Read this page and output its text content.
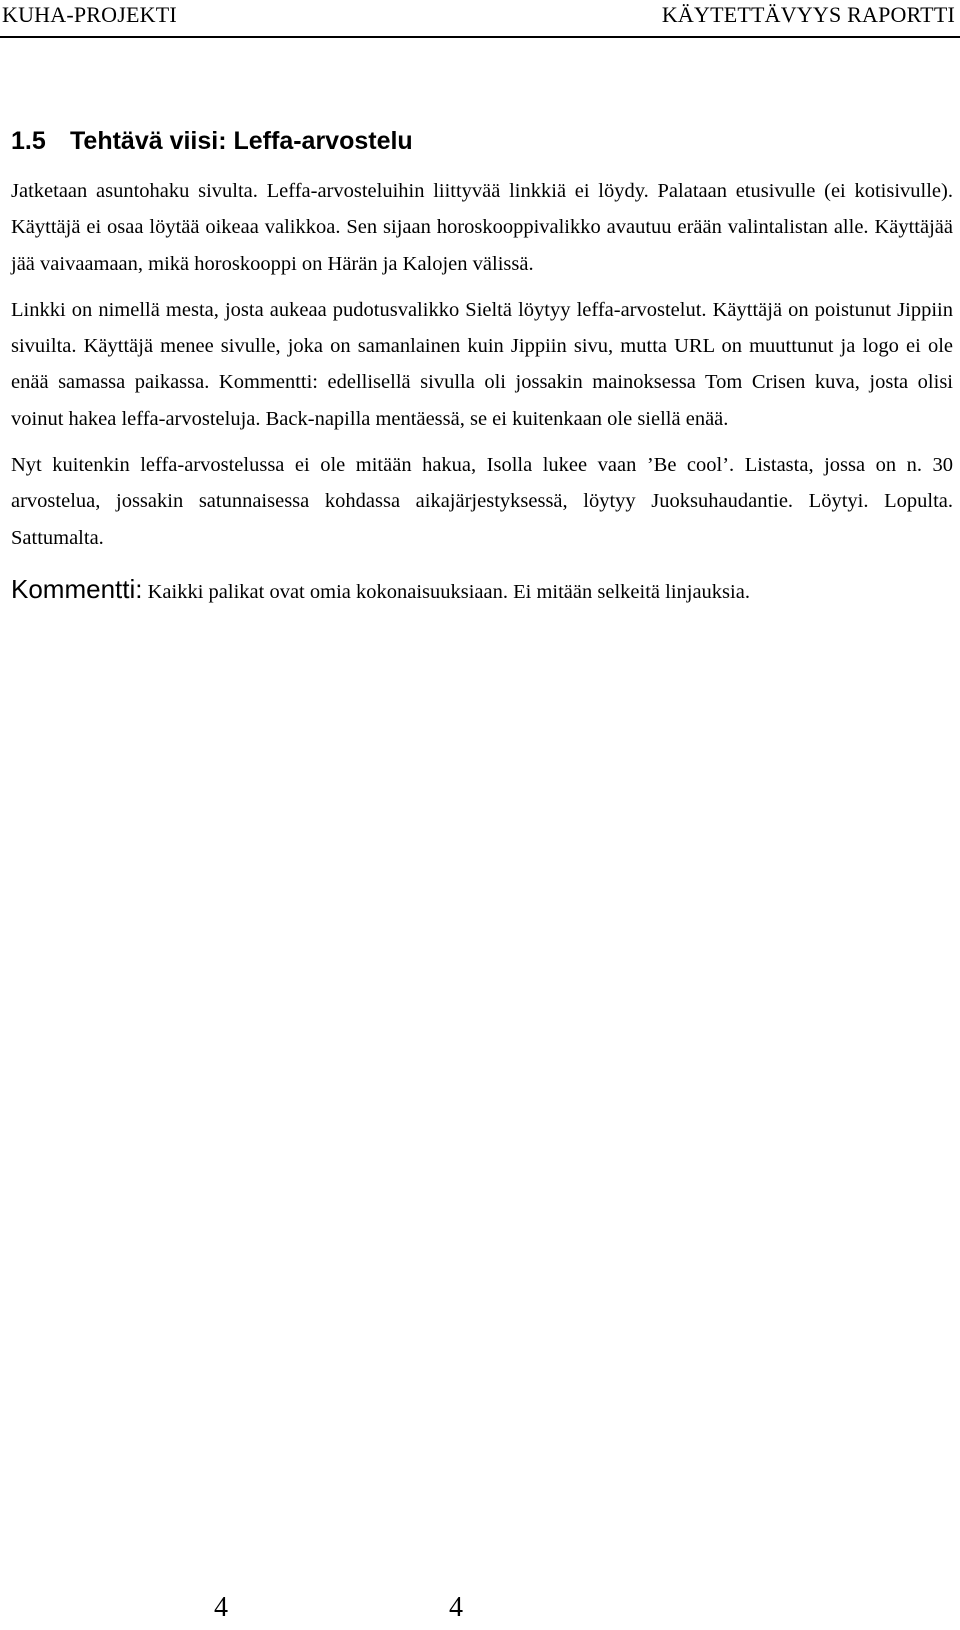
KUHA-PROJEKTI	KÄYTETTÄVYYS RAPORTTI
1.5 Tehtävä viisi: Leffa-arvostelu

Jatketaan asuntohaku sivulta. Leffa-arvosteluihin liittyvää linkkiä ei löydy. Palataan etusivulle (ei kotisivulle). Käyttäjä ei osaa löytää oikeaa valikkoa. Sen sijaan horoskooppivalikko avautuu erään valintalistan alle. Käyttäjää jää vaivaamaan, mikä horoskooppi on Härän ja Kalojen välissä.

Linkki on nimellä mesta, josta aukeaa pudotusvalikko Sieltä löytyy leffa-arvostelut. Käyttäjä on poistunut Jippiin sivuilta. Käyttäjä menee sivulle, joka on samanlainen kuin Jippiin sivu, mutta URL on muuttunut ja logo ei ole enää samassa paikassa. Kommentti: edellisellä sivulla oli jossakin mainoksessa Tom Crisen kuva, josta olisi voinut hakea leffa-arvosteluja. Back-napilla mentäessä, se ei kuitenkaan ole siellä enää.

Nyt kuitenkin leffa-arvostelussa ei ole mitään hakua, Isolla lukee vaan ’Be cool’. Listasta, jossa on n. 30 arvostelua, jossakin satunnaisessa kohdassa aikajärjestyksessä, löytyy Juoksuhaudantie. Löytyi. Lopulta. Sattumalta.

Kommentti: Kaikki palikat ovat omia kokonaisuuksiaan. Ei mitään selkeitä linjauksia.

4	4
